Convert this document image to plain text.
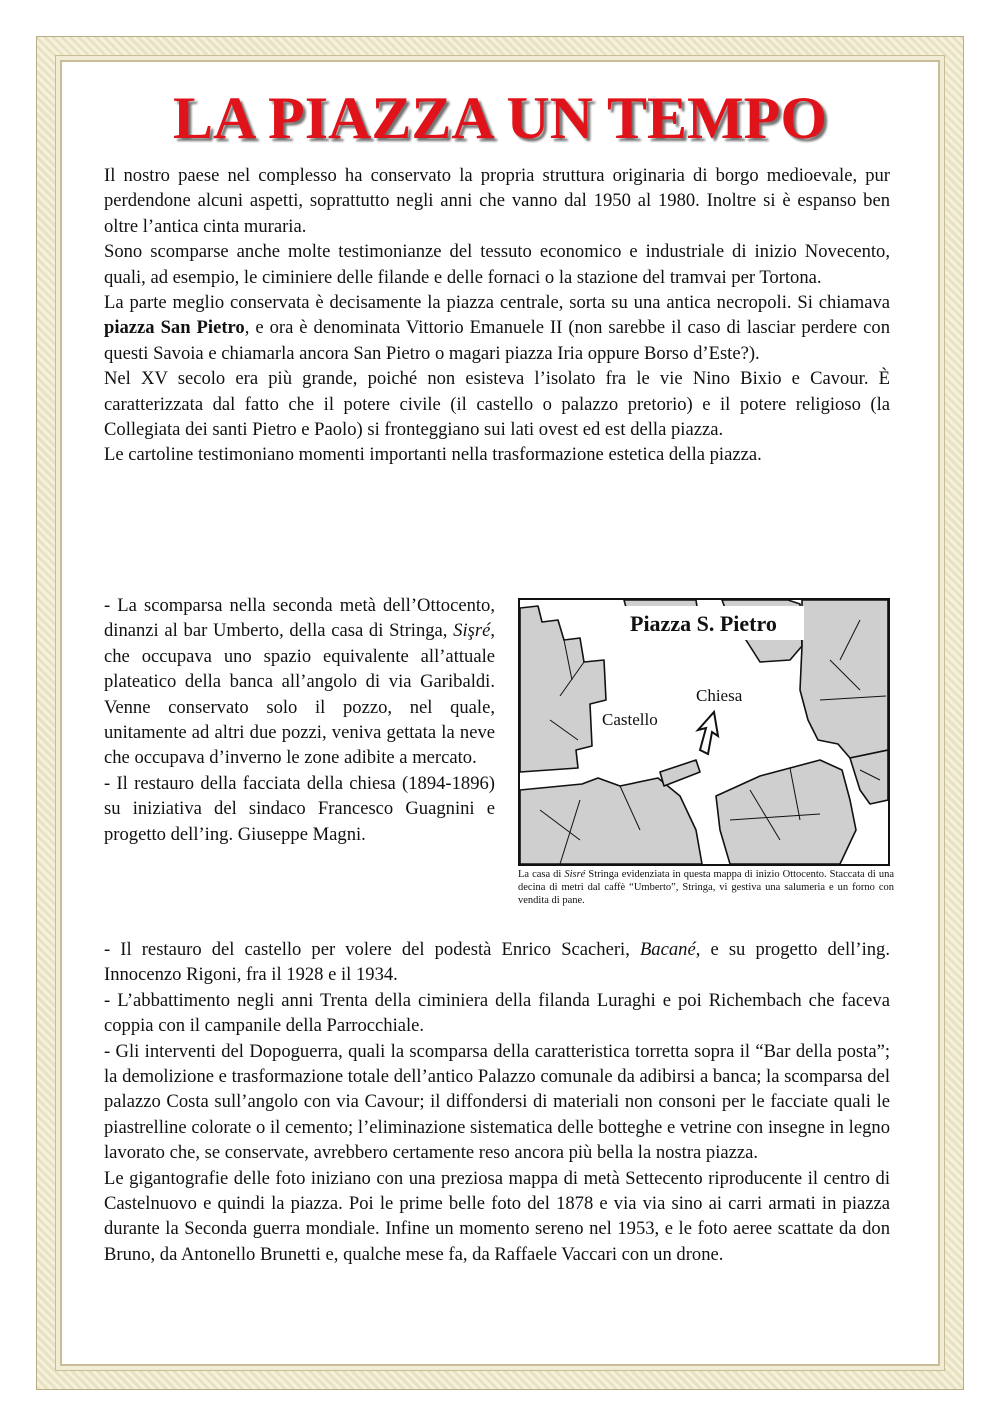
LA PIAZZA UN TEMPO

Il nostro paese nel complesso ha conservato la propria struttura originaria di borgo medioevale, pur perdendone alcuni aspetti, soprattutto negli anni che vanno dal 1950 al 1980. Inoltre si è espanso ben oltre l’antica cinta muraria.

Sono scomparse anche molte testimonianze del tessuto economico e industriale di inizio Novecento, quali, ad esempio, le ciminiere delle filande e delle fornaci o la stazione del tramvai per Tortona.

La parte meglio conservata è decisamente la piazza centrale, sorta su una antica necropoli. Si chiamava piazza San Pietro, e ora è denominata Vittorio Emanuele II (non sarebbe il caso di lasciar perdere con questi Savoia e chiamarla ancora San Pietro o magari piazza Iria oppure Borso d’Este?).

Nel XV secolo era più grande, poiché non esisteva l’isolato fra le vie Nino Bixio e Cavour. È caratterizzata dal fatto che il potere civile (il castello o palazzo pretorio) e il potere religioso (la Collegiata dei santi Pietro e Paolo) si fronteggiano sui lati ovest ed est della piazza.

Le cartoline testimoniano momenti importanti nella trasformazione estetica della piazza.

- La scomparsa nella seconda metà dell’Ottocento, dinanzi al bar Umberto, della casa di Stringa, Sişré, che occupava uno spazio equivalente all’attuale plateatico della banca all’angolo di via Garibaldi. Venne conservato solo il pozzo, nel quale, unitamente ad altri due pozzi, veniva gettata la neve che occupava d’inverno le zone adibite a mercato.

- Il restauro della facciata della chiesa (1894-1896) su iniziativa del sindaco Francesco Guagnini e progetto dell’ing. Giuseppe Magni.

Piazza S. Pietro
Chiesa
Castello
La casa di Sisré Stringa evidenziata in questa mappa di inizio Ottocento. Staccata di una decina di metri dal caffè “Umberto”, Stringa, vi gestiva una salumeria e un forno con vendita di pane.

- Il restauro del castello per volere del podestà Enrico Scacheri, Bacané, e su progetto dell’ing. Innocenzo Rigoni, fra il 1928 e il 1934.

- L’abbattimento negli anni Trenta della ciminiera della filanda Luraghi e poi Richembach che faceva coppia con il campanile della Parrocchiale.

- Gli interventi del Dopoguerra, quali la scomparsa della caratteristica torretta sopra il “Bar della posta”; la demolizione e trasformazione totale dell’antico Palazzo comunale da adibirsi a banca; la scomparsa del palazzo Costa sull’angolo con via Cavour; il diffondersi di materiali non consoni per le facciate quali le piastrelline colorate o il cemento; l’eliminazione sistematica delle botteghe e vetrine con insegne in legno lavorato che, se conservate, avrebbero certamente reso ancora più bella la nostra piazza.

Le gigantografie delle foto iniziano con una preziosa mappa di metà Settecento riproducente il centro di Castelnuovo e quindi la piazza. Poi le prime belle foto del 1878 e via via sino ai carri armati in piazza durante la Seconda guerra mondiale. Infine un momento sereno nel 1953, e le foto aeree scattate da don Bruno, da Antonello Brunetti e, qualche mese fa, da Raffaele Vaccari con un drone.
